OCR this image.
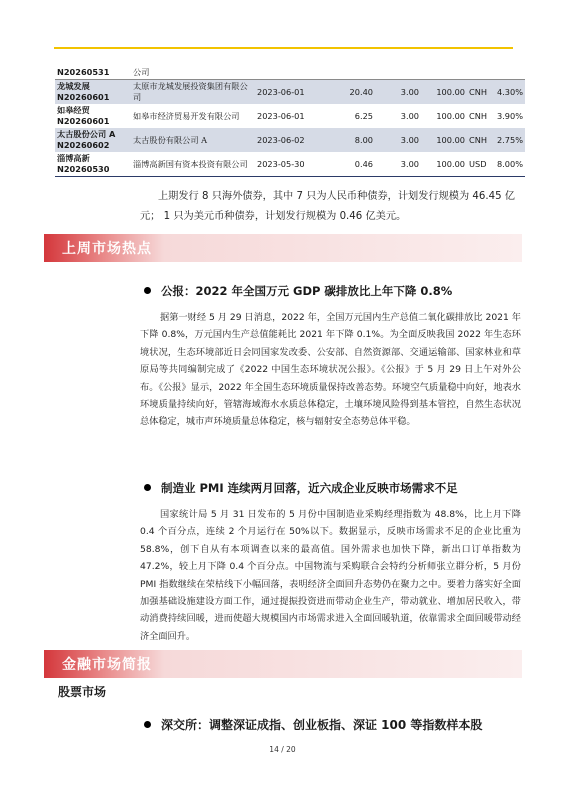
N20260531	公司						
龙城发展 N20260601	太原市龙城发展投资集团有限公司	2023-06-01	20.40	3.00	100.00	CNH	4.30%
如皋经贸 N20260601	如皋市经济贸易开发有限公司	2023-06-01	6.25	3.00	100.00	CNH	3.90%
太古股份公司 A N20260602	太古股份有限公司 A	2023-06-02	8.00	3.00	100.00	CNH	2.75%
淄博高新 N20260530	淄博高新国有资本投资有限公司	2023-05-30	0.46	3.00	100.00	USD	8.00%

上期发行 8 只海外债券，其中 7 只为人民币种债券，计划发行规模为 46.45 亿元； 1 只为美元币种债券，计划发行规模为 0.46 亿美元。

上周市场热点
公报：2022 年全国万元 GDP 碳排放比上年下降 0.8%

据第一财经 5 月 29 日消息，2022 年，全国万元国内生产总值二氧化碳排放比 2021 年下降 0.8%，万元国内生产总值能耗比 2021 年下降 0.1%。为全面反映我国 2022 年生态环境状况，生态环境部近日会同国家发改委、公安部、自然资源部、交通运输部、国家林业和草原局等共同编制完成了《2022 中国生态环境状况公报》。《公报》于 5 月 29 日上午对外公布。《公报》显示，2022 年全国生态环境质量保持改善态势。环境空气质量稳中向好，地表水环境质量持续向好，管辖海域海水水质总体稳定，土壤环境风险得到基本管控，自然生态状况总体稳定，城市声环境质量总体稳定，核与辐射安全态势总体平稳。

制造业 PMI 连续两月回落，近六成企业反映市场需求不足

国家统计局 5 月 31 日发布的 5 月份中国制造业采购经理指数为 48.8%，比上月下降 0.4 个百分点，连续 2 个月运行在 50%以下。数据显示，反映市场需求不足的企业比重为 58.8%，创下自从有本项调查以来的最高值。国外需求也加快下降，新出口订单指数为 47.2%，较上月下降 0.4 个百分点。中国物流与采购联合会特约分析师张立群分析，5 月份 PMI 指数继续在荣枯线下小幅回落，表明经济全面回升态势仍在聚力之中。要着力落实好全面加强基础设施建设方面工作，通过提振投资进而带动企业生产，带动就业、增加居民收入，带动消费持续回暖，进而使超大规模国内市场需求进入全面回暖轨道，依靠需求全面回暖带动经济全面回升。

金融市场简报
股票市场
深交所：调整深证成指、创业板指、深证 100 等指数样本股
14 / 20
